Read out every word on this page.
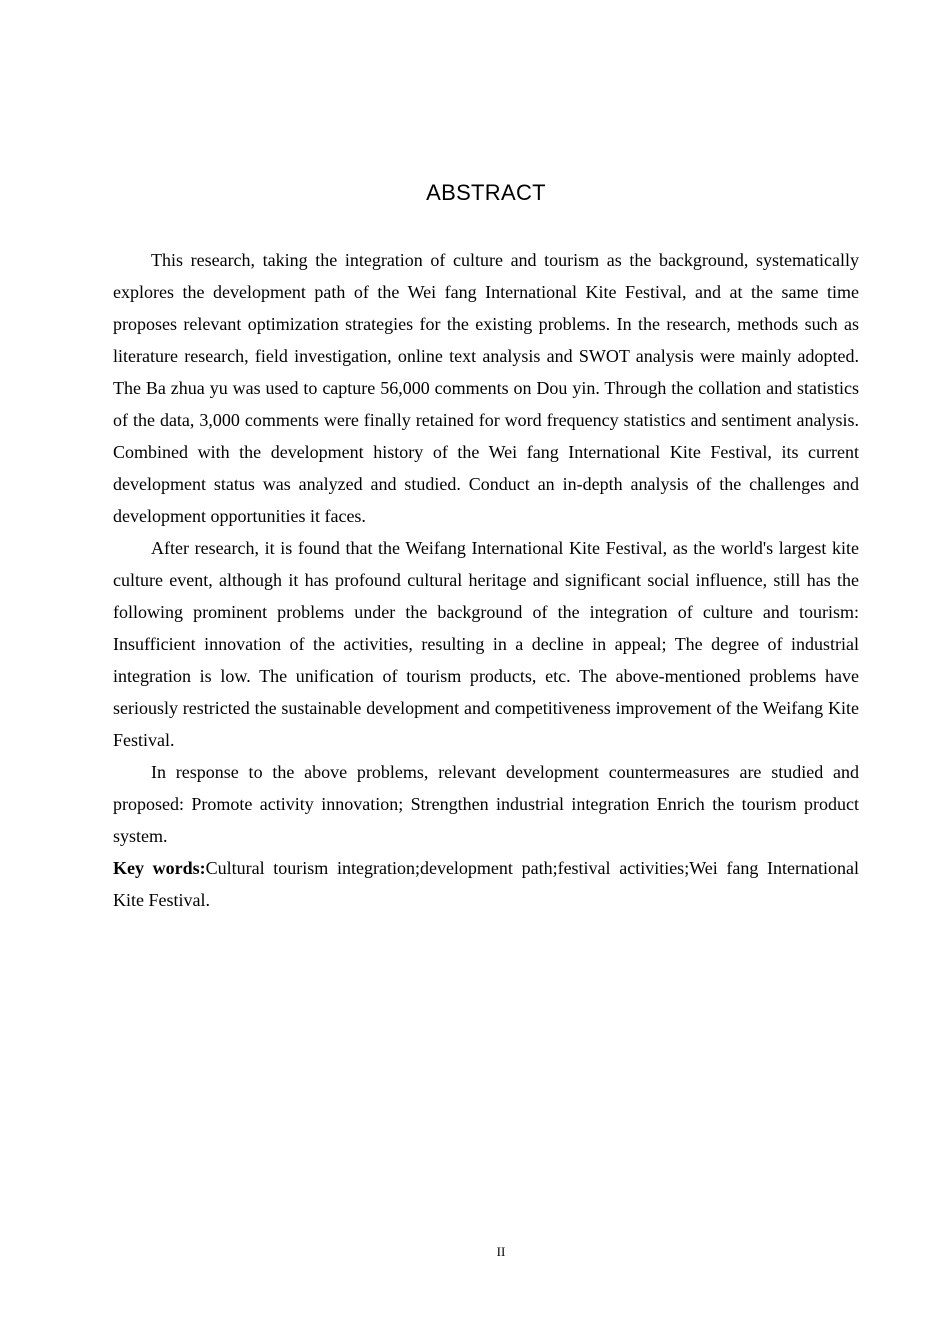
ABSTRACT

This research, taking the integration of culture and tourism as the background, systematically explores the development path of the Wei fang International Kite Festival, and at the same time proposes relevant optimization strategies for the existing problems. In the research, methods such as literature research, field investigation, online text analysis and SWOT analysis were mainly adopted. The Ba zhua yu was used to capture 56,000 comments on Dou yin. Through the collation and statistics of the data, 3,000 comments were finally retained for word frequency statistics and sentiment analysis. Combined with the development history of the Wei fang International Kite Festival, its current development status was analyzed and studied. Conduct an in-depth analysis of the challenges and development opportunities it faces.

After research, it is found that the Weifang International Kite Festival, as the world's largest kite culture event, although it has profound cultural heritage and significant social influence, still has the following prominent problems under the background of the integration of culture and tourism: Insufficient innovation of the activities, resulting in a decline in appeal; The degree of industrial integration is low. The unification of tourism products, etc. The above-mentioned problems have seriously restricted the sustainable development and competitiveness improvement of the Weifang Kite Festival.

In response to the above problems, relevant development countermeasures are studied and proposed: Promote activity innovation; Strengthen industrial integration Enrich the tourism product system.

Key words:Cultural tourism integration;development path;festival activities;Wei fang International Kite Festival.

II
